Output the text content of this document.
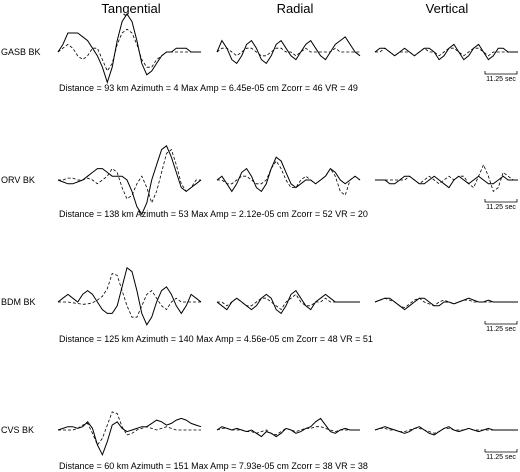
Tangential	Radial	Vertical
GASB BK
11.25 sec
Distance = 93 km Azimuth = 4 Max Amp = 6.45e-05 cm Zcorr = 46 VR = 49
ORV BK
11.25 sec
Distance = 138 km Azimuth = 53 Max Amp = 2.12e-05 cm Zcorr = 52 VR = 20
BDM BK
11.25 sec
Distance = 125 km Azimuth = 140 Max Amp = 4.56e-05 cm Zcorr = 48 VR = 51
CVS BK
11.25 sec
Distance = 60 km Azimuth = 151 Max Amp = 7.93e-05 cm Zcorr = 38 VR = 38
